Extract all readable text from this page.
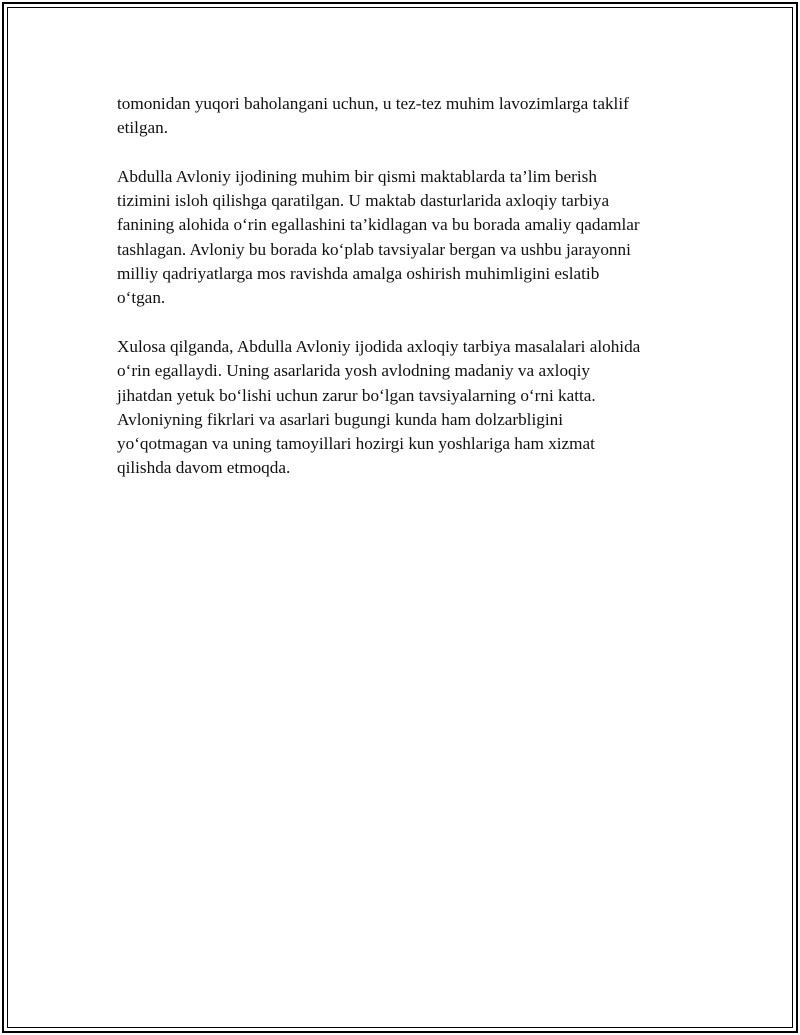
tomonidan yuqori baholangani uchun, u tez-tez muhim lavozimlarga taklif
etilgan.

Abdulla Avloniy ijodining muhim bir qismi maktablarda ta’lim berish
tizimini isloh qilishga qaratilgan. U maktab dasturlarida axloqiy tarbiya
fanining alohida o‘rin egallashini ta’kidlagan va bu borada amaliy qadamlar
tashlagan. Avloniy bu borada ko‘plab tavsiyalar bergan va ushbu jarayonni
milliy qadriyatlarga mos ravishda amalga oshirish muhimligini eslatib
o‘tgan.

Xulosa qilganda, Abdulla Avloniy ijodida axloqiy tarbiya masalalari alohida
o‘rin egallaydi. Uning asarlarida yosh avlodning madaniy va axloqiy
jihatdan yetuk bo‘lishi uchun zarur bo‘lgan tavsiyalarning o‘rni katta.
Avloniyning fikrlari va asarlari bugungi kunda ham dolzarbligini
yo‘qotmagan va uning tamoyillari hozirgi kun yoshlariga ham xizmat
qilishda davom etmoqda.
